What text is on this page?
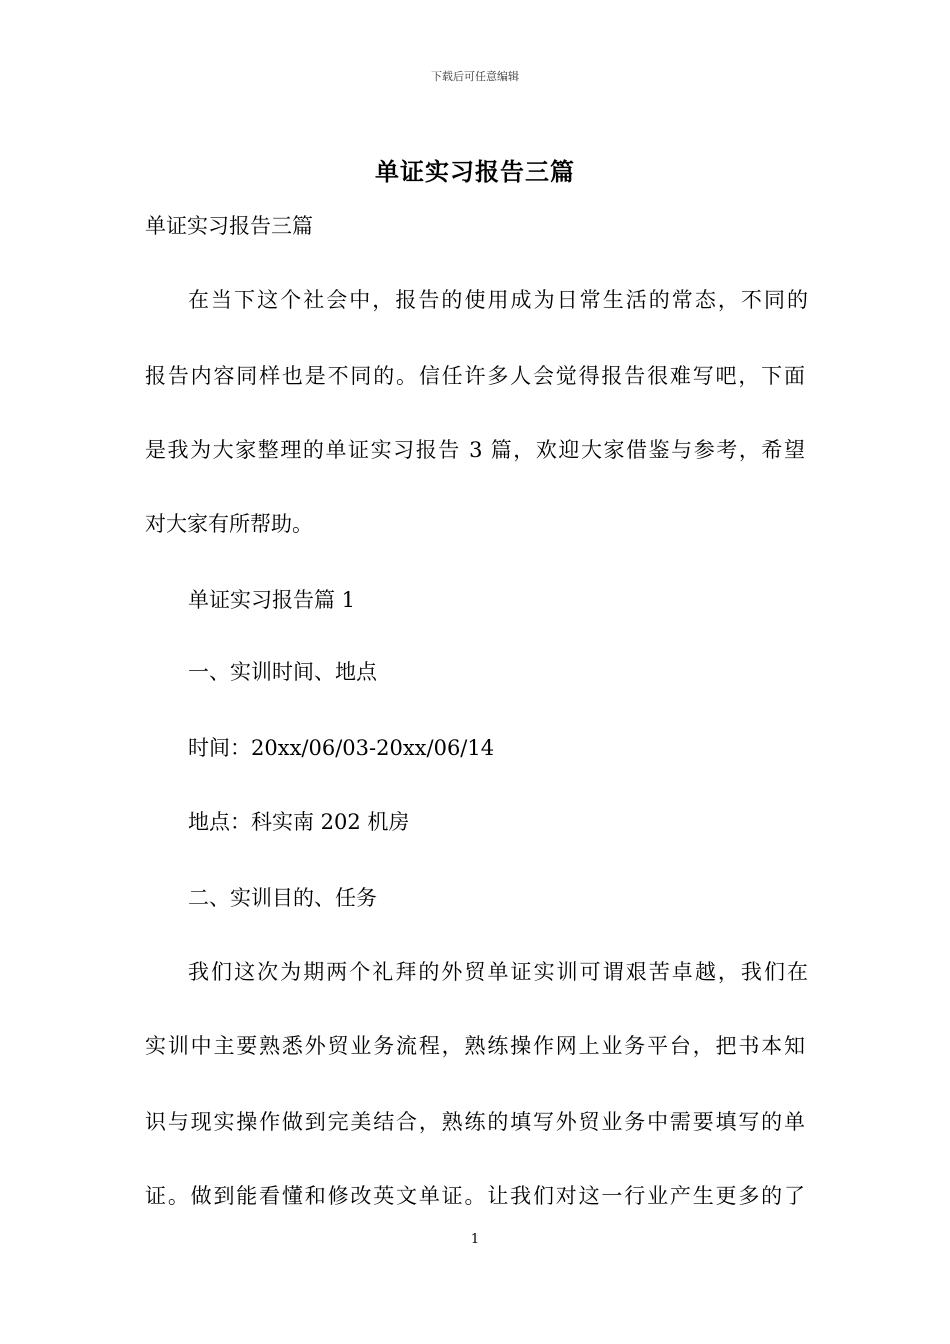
下载后可任意编辑
单证实习报告三篇
单证实习报告三篇
在当下这个社会中，报告的使用成为日常生活的常态，不同的
报告内容同样也是不同的。信任许多人会觉得报告很难写吧，下面
是我为大家整理的单证实习报告 3 篇，欢迎大家借鉴与参考，希望
对大家有所帮助。
单证实习报告篇 1
一、实训时间、地点
时间：20xx/06/03-20xx/06/14
地点：科实南 202 机房
二、实训目的、任务
我们这次为期两个礼拜的外贸单证实训可谓艰苦卓越，我们在
实训中主要熟悉外贸业务流程，熟练操作网上业务平台，把书本知
识与现实操作做到完美结合，熟练的填写外贸业务中需要填写的单
证。做到能看懂和修改英文单证。让我们对这一行业产生更多的了
1
